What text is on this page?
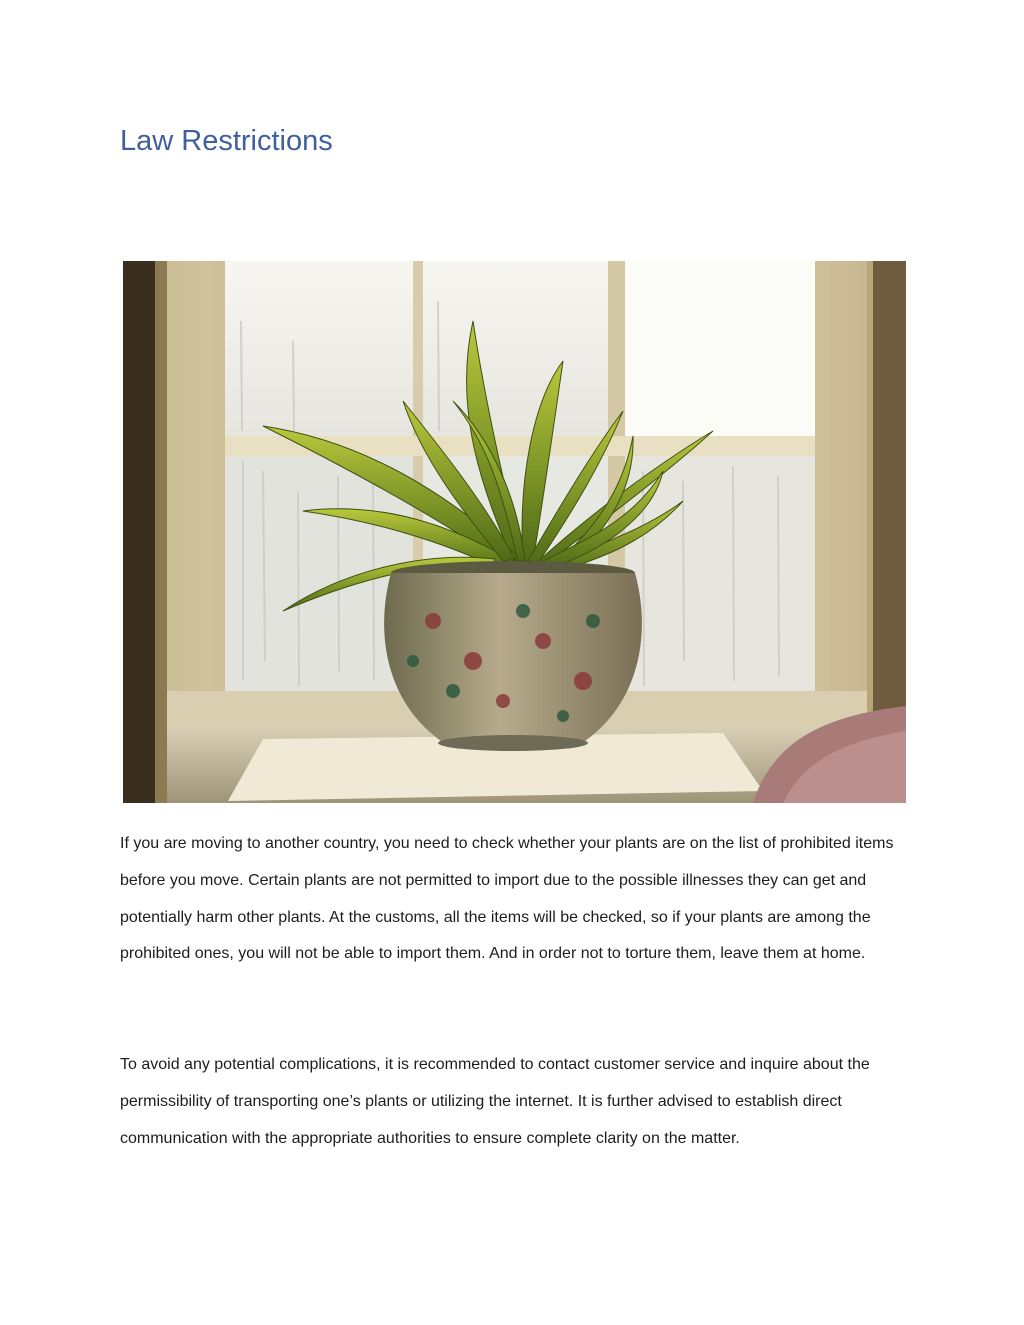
Law Restrictions

If you are moving to another country, you need to check whether your plants are on the list of prohibited items before you move. Certain plants are not permitted to import due to the possible illnesses they can get and potentially harm other plants. At the customs, all the items will be checked, so if your plants are among the prohibited ones, you will not be able to import them. And in order not to torture them, leave them at home.

To avoid any potential complications, it is recommended to contact customer service and inquire about the permissibility of transporting one’s plants or utilizing the internet. It is further advised to establish direct communication with the appropriate authorities to ensure complete clarity on the matter.
